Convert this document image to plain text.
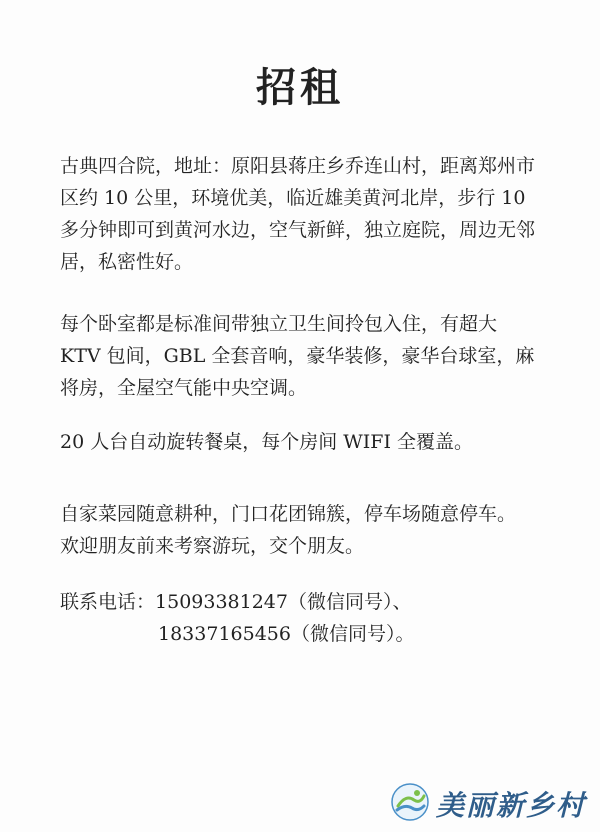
招租

古典四合院，地址：原阳县蒋庄乡乔连山村，距离郑州市区约 10 公里，环境优美，临近雄美黄河北岸，步行 10 多分钟即可到黄河水边，空气新鲜，独立庭院，周边无邻居，私密性好。

每个卧室都是标准间带独立卫生间拎包入住，有超大 KTV 包间，GBL 全套音响，豪华装修，豪华台球室，麻将房，全屋空气能中央空调。

20 人台自动旋转餐桌，每个房间 WIFI 全覆盖。

自家菜园随意耕种，门口花团锦簇，停车场随意停车。

欢迎朋友前来考察游玩，交个朋友。

联系电话：15093381247（微信同号）、
18337165456（微信同号）。
美丽新乡村
